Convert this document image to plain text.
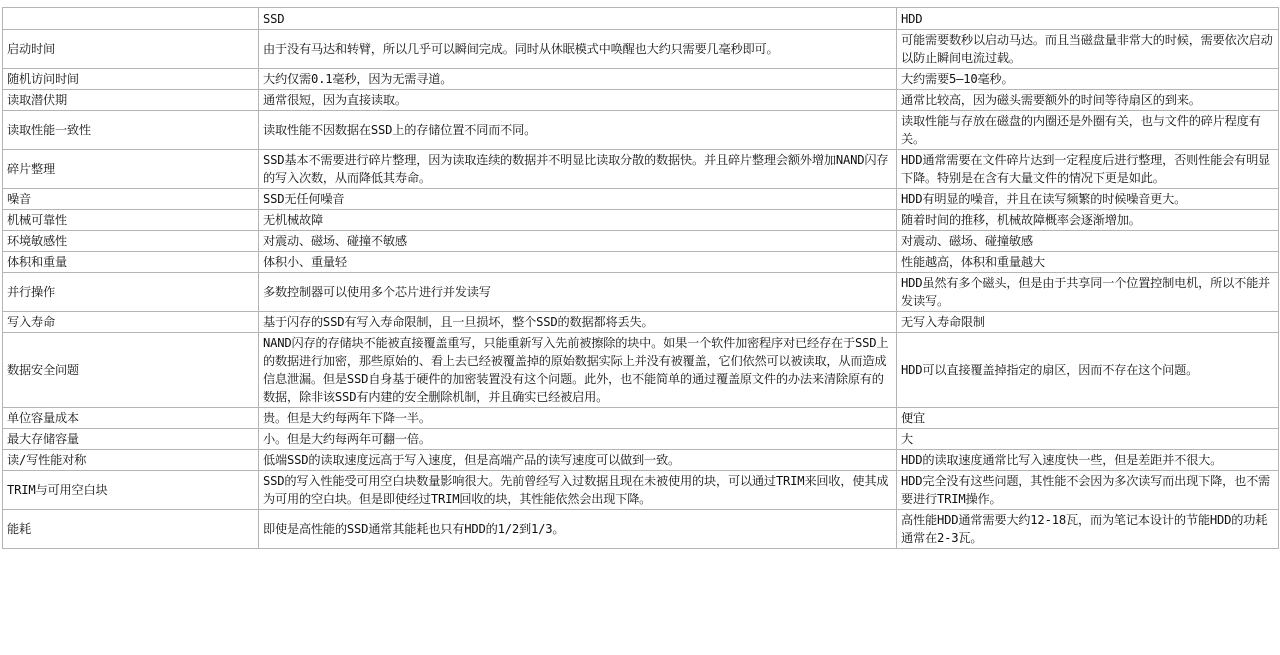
	SSD	HDD
启动时间	由于没有马达和转臂，所以几乎可以瞬间完成。同时从休眠模式中唤醒也大约只需要几毫秒即可。	可能需要数秒以启动马达。而且当磁盘量非常大的时候，需要依次启动以防止瞬间电流过载。
随机访问时间	大约仅需0.1毫秒，因为无需寻道。	大约需要5–10毫秒。
读取潜伏期	通常很短，因为直接读取。	通常比较高，因为磁头需要额外的时间等待扇区的到来。
读取性能一致性	读取性能不因数据在SSD上的存储位置不同而不同。	读取性能与存放在磁盘的内圈还是外圈有关，也与文件的碎片程度有关。
碎片整理	SSD基本不需要进行碎片整理，因为读取连续的数据并不明显比读取分散的数据快。并且碎片整理会额外增加NAND闪存的写入次数，从而降低其寿命。	HDD通常需要在文件碎片达到一定程度后进行整理，否则性能会有明显下降。特别是在含有大量文件的情况下更是如此。
噪音	SSD无任何噪音	HDD有明显的噪音，并且在读写频繁的时候噪音更大。
机械可靠性	无机械故障	随着时间的推移，机械故障概率会逐渐增加。
环境敏感性	对震动、磁场、碰撞不敏感	对震动、磁场、碰撞敏感
体积和重量	体积小、重量轻	性能越高，体积和重量越大
并行操作	多数控制器可以使用多个芯片进行并发读写	HDD虽然有多个磁头，但是由于共享同一个位置控制电机，所以不能并发读写。
写入寿命	基于闪存的SSD有写入寿命限制，且一旦损坏，整个SSD的数据都将丢失。	无写入寿命限制
数据安全问题	NAND闪存的存储块不能被直接覆盖重写，只能重新写入先前被擦除的块中。如果一个软件加密程序对已经存在于SSD上的数据进行加密，那些原始的、看上去已经被覆盖掉的原始数据实际上并没有被覆盖，它们依然可以被读取，从而造成信息泄漏。但是SSD自身基于硬件的加密装置没有这个问题。此外，也不能简单的通过覆盖原文件的办法来清除原有的数据，除非该SSD有内建的安全删除机制，并且确实已经被启用。	HDD可以直接覆盖掉指定的扇区，因而不存在这个问题。
单位容量成本	贵。但是大约每两年下降一半。	便宜
最大存储容量	小。但是大约每两年可翻一倍。	大
读/写性能对称	低端SSD的读取速度远高于写入速度，但是高端产品的读写速度可以做到一致。	HDD的读取速度通常比写入速度快一些，但是差距并不很大。
TRIM与可用空白块	SSD的写入性能受可用空白块数量影响很大。先前曾经写入过数据且现在未被使用的块，可以通过TRIM来回收，使其成为可用的空白块。但是即使经过TRIM回收的块，其性能依然会出现下降。	HDD完全没有这些问题，其性能不会因为多次读写而出现下降，也不需要进行TRIM操作。
能耗	即使是高性能的SSD通常其能耗也只有HDD的1/2到1/3。	高性能HDD通常需要大约12-18瓦，而为笔记本设计的节能HDD的功耗通常在2-3瓦。
